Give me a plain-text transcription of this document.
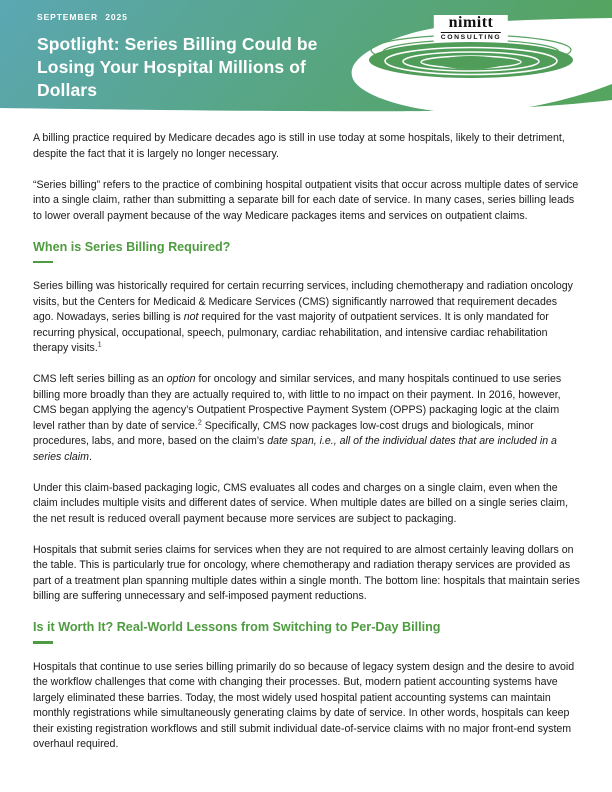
SEPTEMBER 2025
Spotlight: Series Billing Could be
Losing Your Hospital Millions of
Dollars
nimitt
CONSULTING

A billing practice required by Medicare decades ago is still in use today at some hospitals, likely to their detriment, despite the fact that it is largely no longer necessary.

“Series billing” refers to the practice of combining hospital outpatient visits that occur across multiple dates of service into a single claim, rather than submitting a separate bill for each date of service. In many cases, series billing leads to lower overall payment because of the way Medicare packages items and services on outpatient claims.

When is Series Billing Required?

Series billing was historically required for certain recurring services, including chemotherapy and radiation oncology visits, but the Centers for Medicaid & Medicare Services (CMS) significantly narrowed that requirement decades ago. Nowadays, series billing is not required for the vast majority of outpatient services. It is only mandated for recurring physical, occupational, speech, pulmonary, cardiac rehabilitation, and intensive cardiac rehabilitation therapy visits.$^1$

CMS left series billing as an option for oncology and similar services, and many hospitals continued to use series billing more broadly than they are actually required to, with little to no impact on their payment. In 2016, however, CMS began applying the agency’s Outpatient Prospective Payment System (OPPS) packaging logic at the claim level rather than by date of service.$^2$ Specifically, CMS now packages low-cost drugs and biologicals, minor procedures, labs, and more, based on the claim’s date span, i.e., all of the individual dates that are included in a series claim.

Under this claim-based packaging logic, CMS evaluates all codes and charges on a single claim, even when the claim includes multiple visits and different dates of service. When multiple dates are billed on a single series claim, the net result is reduced overall payment because more services are subject to packaging.

Hospitals that submit series claims for services when they are not required to are almost certainly leaving dollars on the table. This is particularly true for oncology, where chemotherapy and radiation therapy services are provided as part of a treatment plan spanning multiple dates within a single month. The bottom line: hospitals that maintain series billing are suffering unnecessary and self-imposed payment reductions.

Is it Worth It? Real-World Lessons from Switching to Per-Day Billing

Hospitals that continue to use series billing primarily do so because of legacy system design and the desire to avoid the workflow challenges that come with changing their processes. But, modern patient accounting systems have largely eliminated these barries. Today, the most widely used hospital patient accounting systems can maintain monthly registrations while simultaneously generating claims by date of service. In other words, hospitals can keep their existing registration workflows and still submit individual date-of-service claims with no major front-end system overhaul required.
